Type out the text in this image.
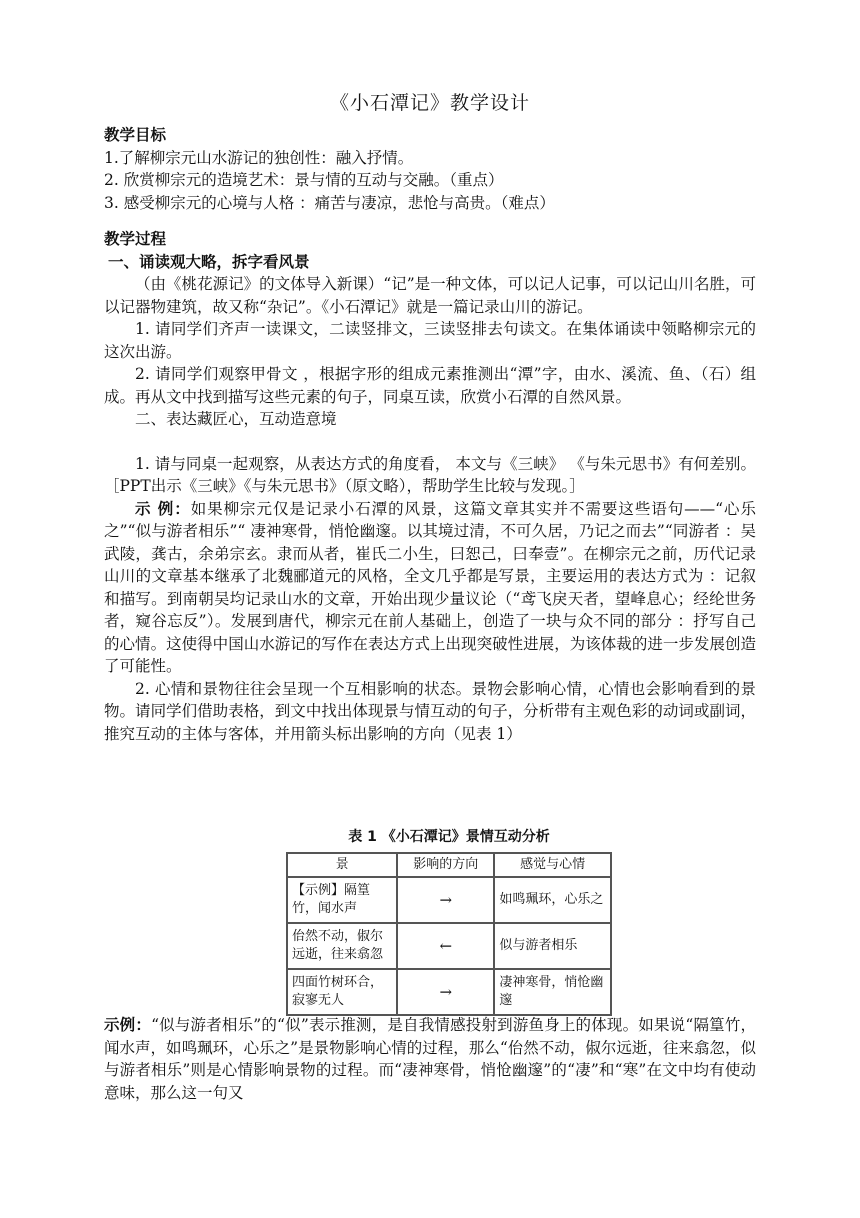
《小石潭记》教学设计
教学目标

1.了解柳宗元山水游记的独创性：融入抒情。

2. 欣赏柳宗元的造境艺术：景与情的互动与交融。（重点）

3. 感受柳宗元的心境与人格 ：痛苦与凄凉，悲怆与高贵。（难点）

教学过程
一、诵读观大略，拆字看风景

（由《桃花源记》的文体导入新课）“记”是一种文体，可以记人记事，可以记山川名胜，可以记器物建筑，故又称“杂记”。《小石潭记》就是一篇记录山川的游记。

1. 请同学们齐声一读课文，二读竖排文，三读竖排去句读文。在集体诵读中领略柳宗元的这次出游。

2. 请同学们观察甲骨文 ，根据字形的组成元素推测出“潭”字，由水、溪流、鱼、（石）组成。再从文中找到描写这些元素的句子，同桌互读，欣赏小石潭的自然风景。

二、表达藏匠心，互动造意境

1. 请与同桌一起观察，从表达方式的角度看， 本文与《三峡》 《与朱元思书》有何差别。［PPT出示《三峡》《与朱元思书》（原文略），帮助学生比较与发现。］

示 例：如果柳宗元仅是记录小石潭的风景，这篇文章其实并不需要这些语句——“心乐之”“似与游者相乐”“ 凄神寒骨，悄怆幽邃。以其境过清，不可久居，乃记之而去”“同游者 ：吴武陵，龚古，余弟宗玄。隶而从者，崔氏二小生，曰恕己，曰奉壹”。在柳宗元之前，历代记录山川的文章基本继承了北魏郦道元的风格，全文几乎都是写景，主要运用的表达方式为 ：记叙和描写。到南朝吴均记录山水的文章，开始出现少量议论（“鸢飞戾天者，望峰息心；经纶世务者，窥谷忘反”）。发展到唐代，柳宗元在前人基础上，创造了一块与众不同的部分 ：抒写自己的心情。这使得中国山水游记的写作在表达方式上出现突破性进展，为该体裁的进一步发展创造了可能性。

2. 心情和景物往往会呈现一个互相影响的状态。景物会影响心情，心情也会影响看到的景物。请同学们借助表格，到文中找出体现景与情互动的句子，分析带有主观色彩的动词或副词，推究互动的主体与客体，并用箭头标出影响的方向（见表 1）

表 1 《小石潭记》景情互动分析
景	影响的方向	感觉与心情
【示例】隔篁竹，闻水声	→	如鸣珮环，心乐之
佁然不动，俶尔远逝，往来翕忽	←	似与游者相乐
四面竹树环合，寂寥无人	→	凄神寒骨，悄怆幽邃

示例：“似与游者相乐”的“似”表示推测，是自我情感投射到游鱼身上的体现。如果说“隔篁竹，闻水声，如鸣珮环，心乐之”是景物影响心情的过程，那么“佁然不动，俶尔远逝，往来翕忽，似与游者相乐”则是心情影响景物的过程。而“凄神寒骨，悄怆幽邃”的“凄”和“寒”在文中均有使动意味，那么这一句又
